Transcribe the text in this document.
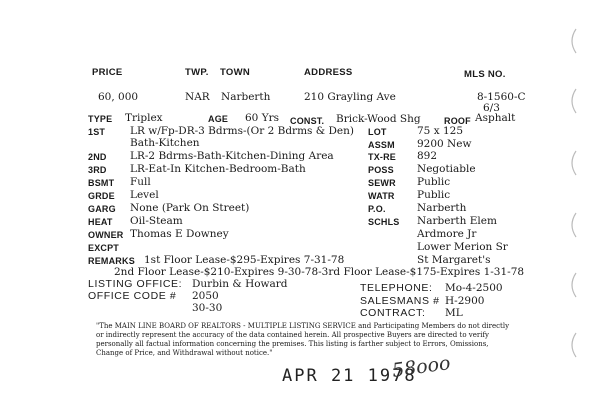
PRICE	TWP. TOWN	ADDRESS	MLS NO.
60, 000	NAR Narberth	210 Grayling Ave	8-1560-C
6/3
TYPE Triplex	AGE 60 Yrs CONST. Brick-Wood Shg	ROOF Asphalt
1ST LR w/Fp-DR-3 Bdrms-(Or 2 Bdrms & Den)
Bath-Kitchen
2ND LR-2 Bdrms-Bath-Kitchen-Dining Area
3RD LR-Eat-In Kitchen-Bedroom-Bath
BSMT Full
GRDE Level
GARG None (Park On Street)
HEAT Oil-Steam
OWNER Thomas E Downey
EXCPT
REMARKS 1st Floor Lease-$295-Expires 7-31-78
2nd Floor Lease-$210-Expires 9-30-78-3rd Floor Lease-$175-Expires 1-31-78
LOT	75 x 125
ASSM 9200 New
TX-RE 892
POSS Negotiable
SEWR Public
WATR Public
P.O.	Narberth
SCHLS Narberth Elem
Ardmore Jr
Lower Merion Sr
St Margaret's
LISTING OFFICE: Durbin & Howard
OFFICE CODE # 2050
30-30
TELEPHONE: Mo-4-2500
SALESMANS # H-2900
CONTRACT: ML
"The MAIN LINE BOARD OF REALTORS - MULTIPLE LISTING SERVICE and Participating Members do not directly or indirectly represent the accuracy of the data contained herein. All prospective Buyers are directed to verify personally all factual information concerning the premises. This listing is farther subject to Errors, Omissions, Change of Price, and Withdrawal without notice."
APR 21 1978
58ooo
